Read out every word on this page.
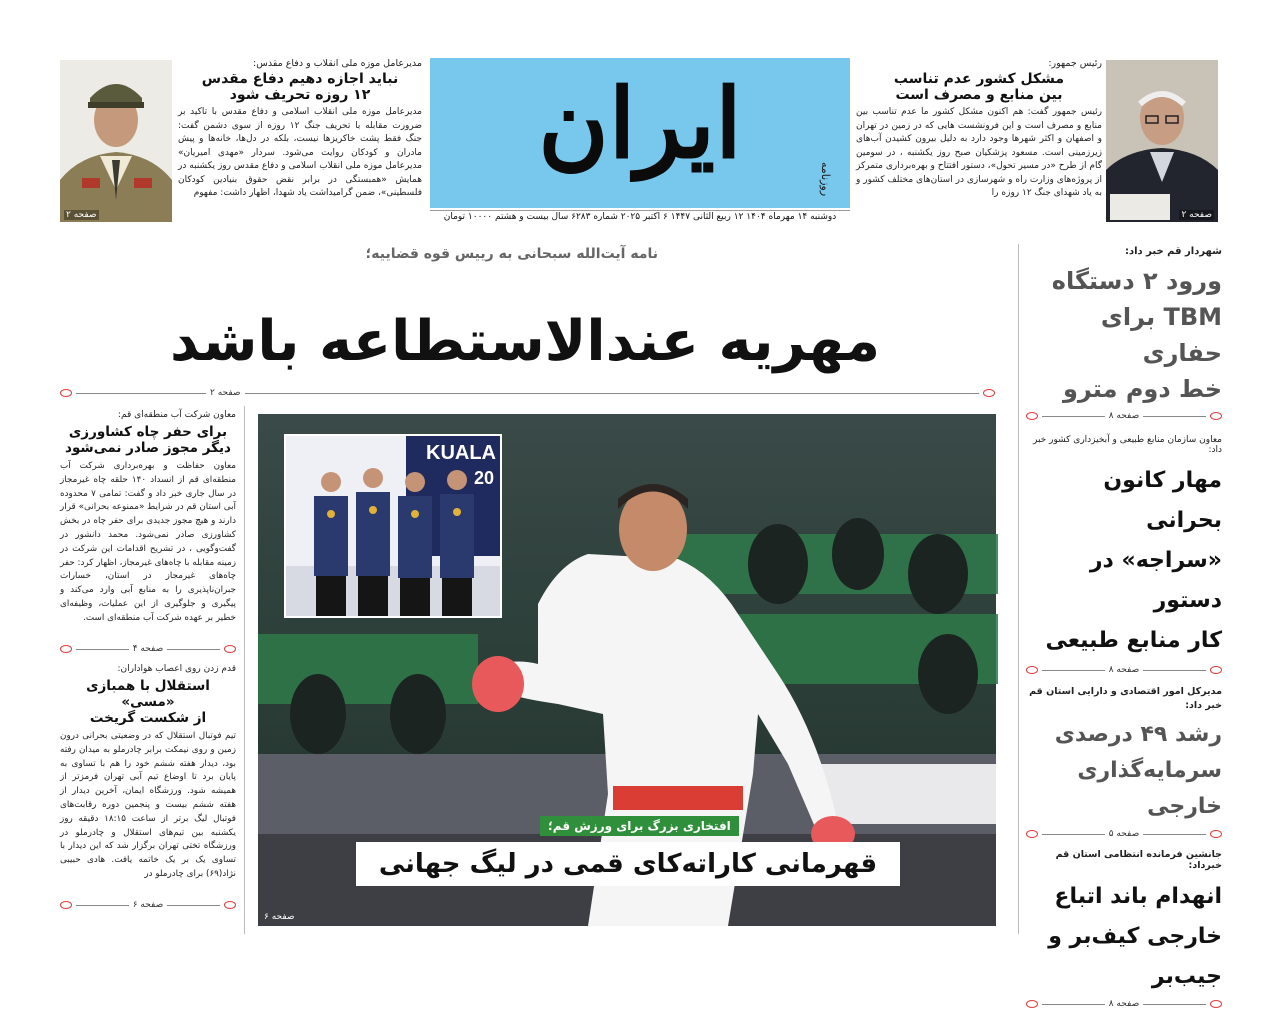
صفحه ۲
مدیرعامل موزه ملی انقلاب و دفاع مقدس:
نباید اجازه دهیم دفاع مقدس
۱۲ روزه تحریف شود
مدیرعامل موزه ملی انقلاب اسلامی و دفاع مقدس با تاکید بر ضرورت مقابله با تحریف جنگ ۱۲ روزه از سوی دشمن گفت: جنگ فقط پشت خاکریزها نیست، بلکه در دل‌ها، خانه‌ها و پیش مادران و کودکان روایت می‌شود. سردار «مهدی امیریان» مدیرعامل موزه ملی انقلاب اسلامی و دفاع مقدس روز یکشنبه در همایش «همبستگی در برابر نقض حقوق بنیادین کودکان فلسطینی»، ضمن گرامیداشت یاد شهدا، اظهار داشت: مفهوم
ایران	روزنامه
دوشنبه ۱۴ مهرماه ۱۴۰۴ ۱۲ ربیع الثانی ۱۴۴۷ ۶ اکتبر ۲۰۲۵ شماره ۶۲۸۳ سال بیست و هشتم ۱۰۰۰۰ تومان
رئیس جمهور:
مشکل کشور عدم تناسب
بین منابع و مصرف است
رئیس جمهور گفت: هم اکنون مشکل کشور ما عدم تناسب بین منابع و مصرف است و این فرونشست هایی که در زمین در تهران و اصفهان و اکثر شهرها وجود دارد به دلیل بیرون کشیدن آب‌های زیرزمینی است. مسعود پزشکیان صبح روز یکشنبه ، در سومین گام از طرح «در مسیر تحول»، دستور افتتاح و بهره‌برداری متمرکز از پروژه‌های وزارت راه و شهرسازی در استان‌های مختلف کشور و به یاد شهدای جنگ ۱۲ روزه را
صفحه ۲
شهردار قم خبر داد:
ورود ۲ دستگاه
TBM برای حفاری
خط دوم مترو
صفحه ۸
معاون سازمان منابع طبیعی و آبخیزداری کشور خبر داد:
مهار کانون بحرانی
«سراجه» در دستور
کار منابع طبیعی
صفحه ۸
مدیرکل امور اقتصادی و دارایی استان قم خبر داد:
رشد ۴۹ درصدی
سرمایه‌گذاری خارجی
صفحه ۵
جانشین فرمانده انتظامی استان قم خبرداد:
انهدام باند اتباع
خارجی کیف‌بر و
جیب‌بر
صفحه ۸
نامه آیت‌الله سبحانی به رییس قوه قضاییه؛
مهریه عندالاستطاعه باشد
صفحه ۲
معاون شرکت آب منطقه‌ای قم:
برای حفر چاه کشاورزی
دیگر مجوز صادر نمی‌شود
معاون حفاظت و بهره‌برداری شرکت آب منطقه‌ای قم از انسداد ۱۴۰ حلقه چاه غیرمجاز در سال جاری خبر داد و گفت: تمامی ۷ محدوده آبی استان قم در شرایط «ممنوعه بحرانی» قرار دارند و هیچ مجوز جدیدی برای حفر چاه در بخش کشاورزی صادر نمی‌شود. محمد دانشور در گفت‌وگویی ، در تشریح اقدامات این شرکت در زمینه مقابله با چاه‌های غیرمجاز، اظهار کرد: حفر چاه‌های غیرمجاز در استان، خسارات جبران‌ناپذیری را به منابع آبی وارد می‌کند و پیگیری و جلوگیری از این عملیات، وظیفه‌ای خطیر بر عهده شرکت آب منطقه‌ای است.
صفحه ۴
قدم زدن روی اعصاب هواداران:
استقلال با همبازی «مسی»
از شکست گریخت
تیم فوتبال استقلال که در وضعیتی بحرانی درون زمین و روی نیمکت برابر چادرملو به میدان رفته بود، دیدار هفته ششم خود را هم با تساوی به پایان برد تا اوضاع تیم آبی تهران فرمزتر از همیشه شود. ورزشگاه ایمان، آخرین دیدار از هفته ششم بیست و پنجمین دوره رقابت‌های فوتبال لیگ برتر از ساعت ۱۸:۱۵ دقیقه روز یکشنبه بین تیم‌های استقلال و چادرملو در ورزشگاه تختی تهران برگزار شد که این دیدار با تساوی یک بر یک خاتمه یافت. هادی حبیبی نژاد(۶۹) برای چادرملو در
صفحه ۶
KUALA
20
افتخاری بزرگ برای ورزش قم؛
قهرمانی کاراته‌کای قمی در لیگ جهانی
صفحه ۶
